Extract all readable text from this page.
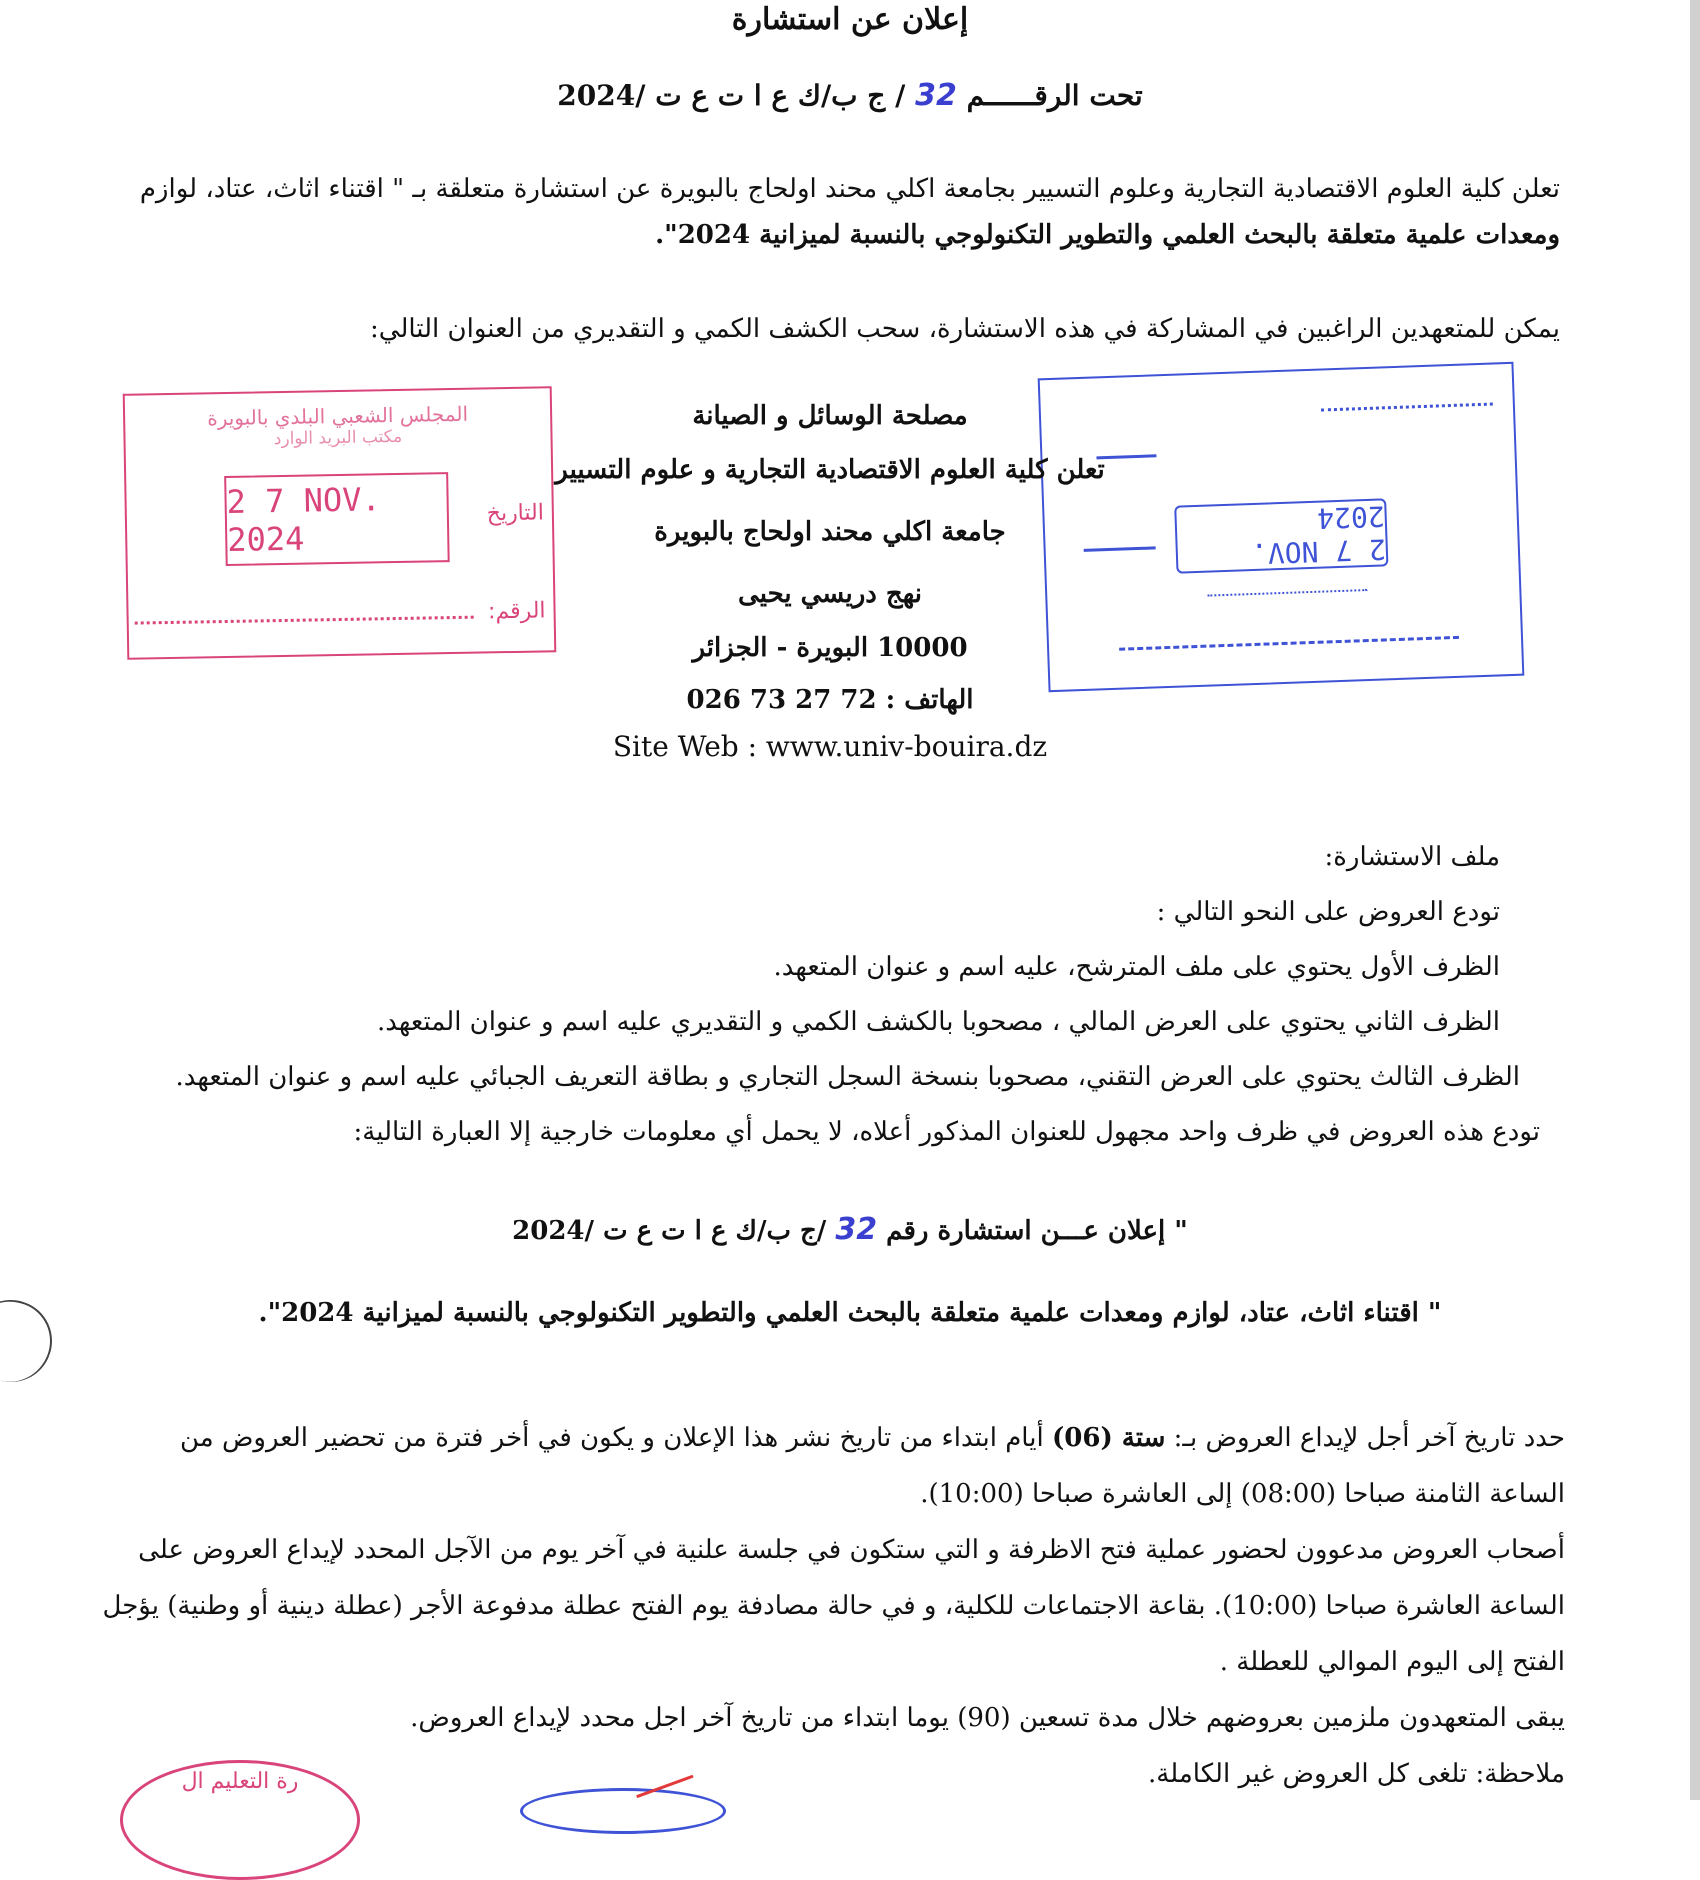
إعلان عن استشارة
تحت الرقــــــم 32 / ج ب/ك ع ا ت ع ت /2024
تعلن كلية العلوم الاقتصادية التجارية وعلوم التسيير بجامعة اكلي محند اولحاج بالبويرة عن استشارة متعلقة بـ " اقتناء اثاث، عتاد، لوازم
ومعدات علمية متعلقة بالبحث العلمي والتطوير التكنولوجي بالنسبة لميزانية 2024".
يمكن للمتعهدين الراغبين في المشاركة في هذه الاستشارة، سحب الكشف الكمي و التقديري من العنوان التالي:
المجلس الشعبي البلدي بالبويرة
مكتب البريد الوارد
2 7 NOV. 2024
التاريخ
الرقم:
2 7 NOV. 2024
مصلحة الوسائل و الصيانة
تعلن كلية العلوم الاقتصادية التجارية و علوم التسيير
جامعة اكلي محند اولحاج بالبويرة
نهج دريسي يحيى
10000 البويرة - الجزائر
الهاتف : 72 27 73 026
Site Web : www.univ-bouira.dz
ملف الاستشارة:
تودع العروض على النحو التالي :
الظرف الأول يحتوي على ملف المترشح، عليه اسم و عنوان المتعهد.
الظرف الثاني يحتوي على العرض المالي ، مصحوبا بالكشف الكمي و التقديري عليه اسم و عنوان المتعهد.
الظرف الثالث يحتوي على العرض التقني، مصحوبا بنسخة السجل التجاري و بطاقة التعريف الجبائي عليه اسم و عنوان المتعهد.
تودع هذه العروض في ظرف واحد مجهول للعنوان المذكور أعلاه، لا يحمل أي معلومات خارجية إلا العبارة التالية:
" إعلان عـــن استشارة رقم 32 /ج ب/ك ع ا ت ع ت /2024
" اقتناء اثاث، عتاد، لوازم ومعدات علمية متعلقة بالبحث العلمي والتطوير التكنولوجي بالنسبة لميزانية 2024".
حدد تاريخ آخر أجل لإيداع العروض بـ: ستة (06) أيام ابتداء من تاريخ نشر هذا الإعلان و يكون في أخر فترة من تحضير العروض من
الساعة الثامنة صباحا (08:00) إلى العاشرة صباحا (10:00).
أصحاب العروض مدعوون لحضور عملية فتح الاظرفة و التي ستكون في جلسة علنية في آخر يوم من الآجل المحدد لإيداع العروض على
الساعة العاشرة صباحا (10:00). بقاعة الاجتماعات للكلية، و في حالة مصادفة يوم الفتح عطلة مدفوعة الأجر (عطلة دينية أو وطنية) يؤجل
الفتح إلى اليوم الموالي للعطلة .
يبقى المتعهدون ملزمين بعروضهم خلال مدة تسعين (90) يوما ابتداء من تاريخ آخر اجل محدد لإيداع العروض.
ملاحظة: تلغى كل العروض غير الكاملة.
رة التعليم ال
